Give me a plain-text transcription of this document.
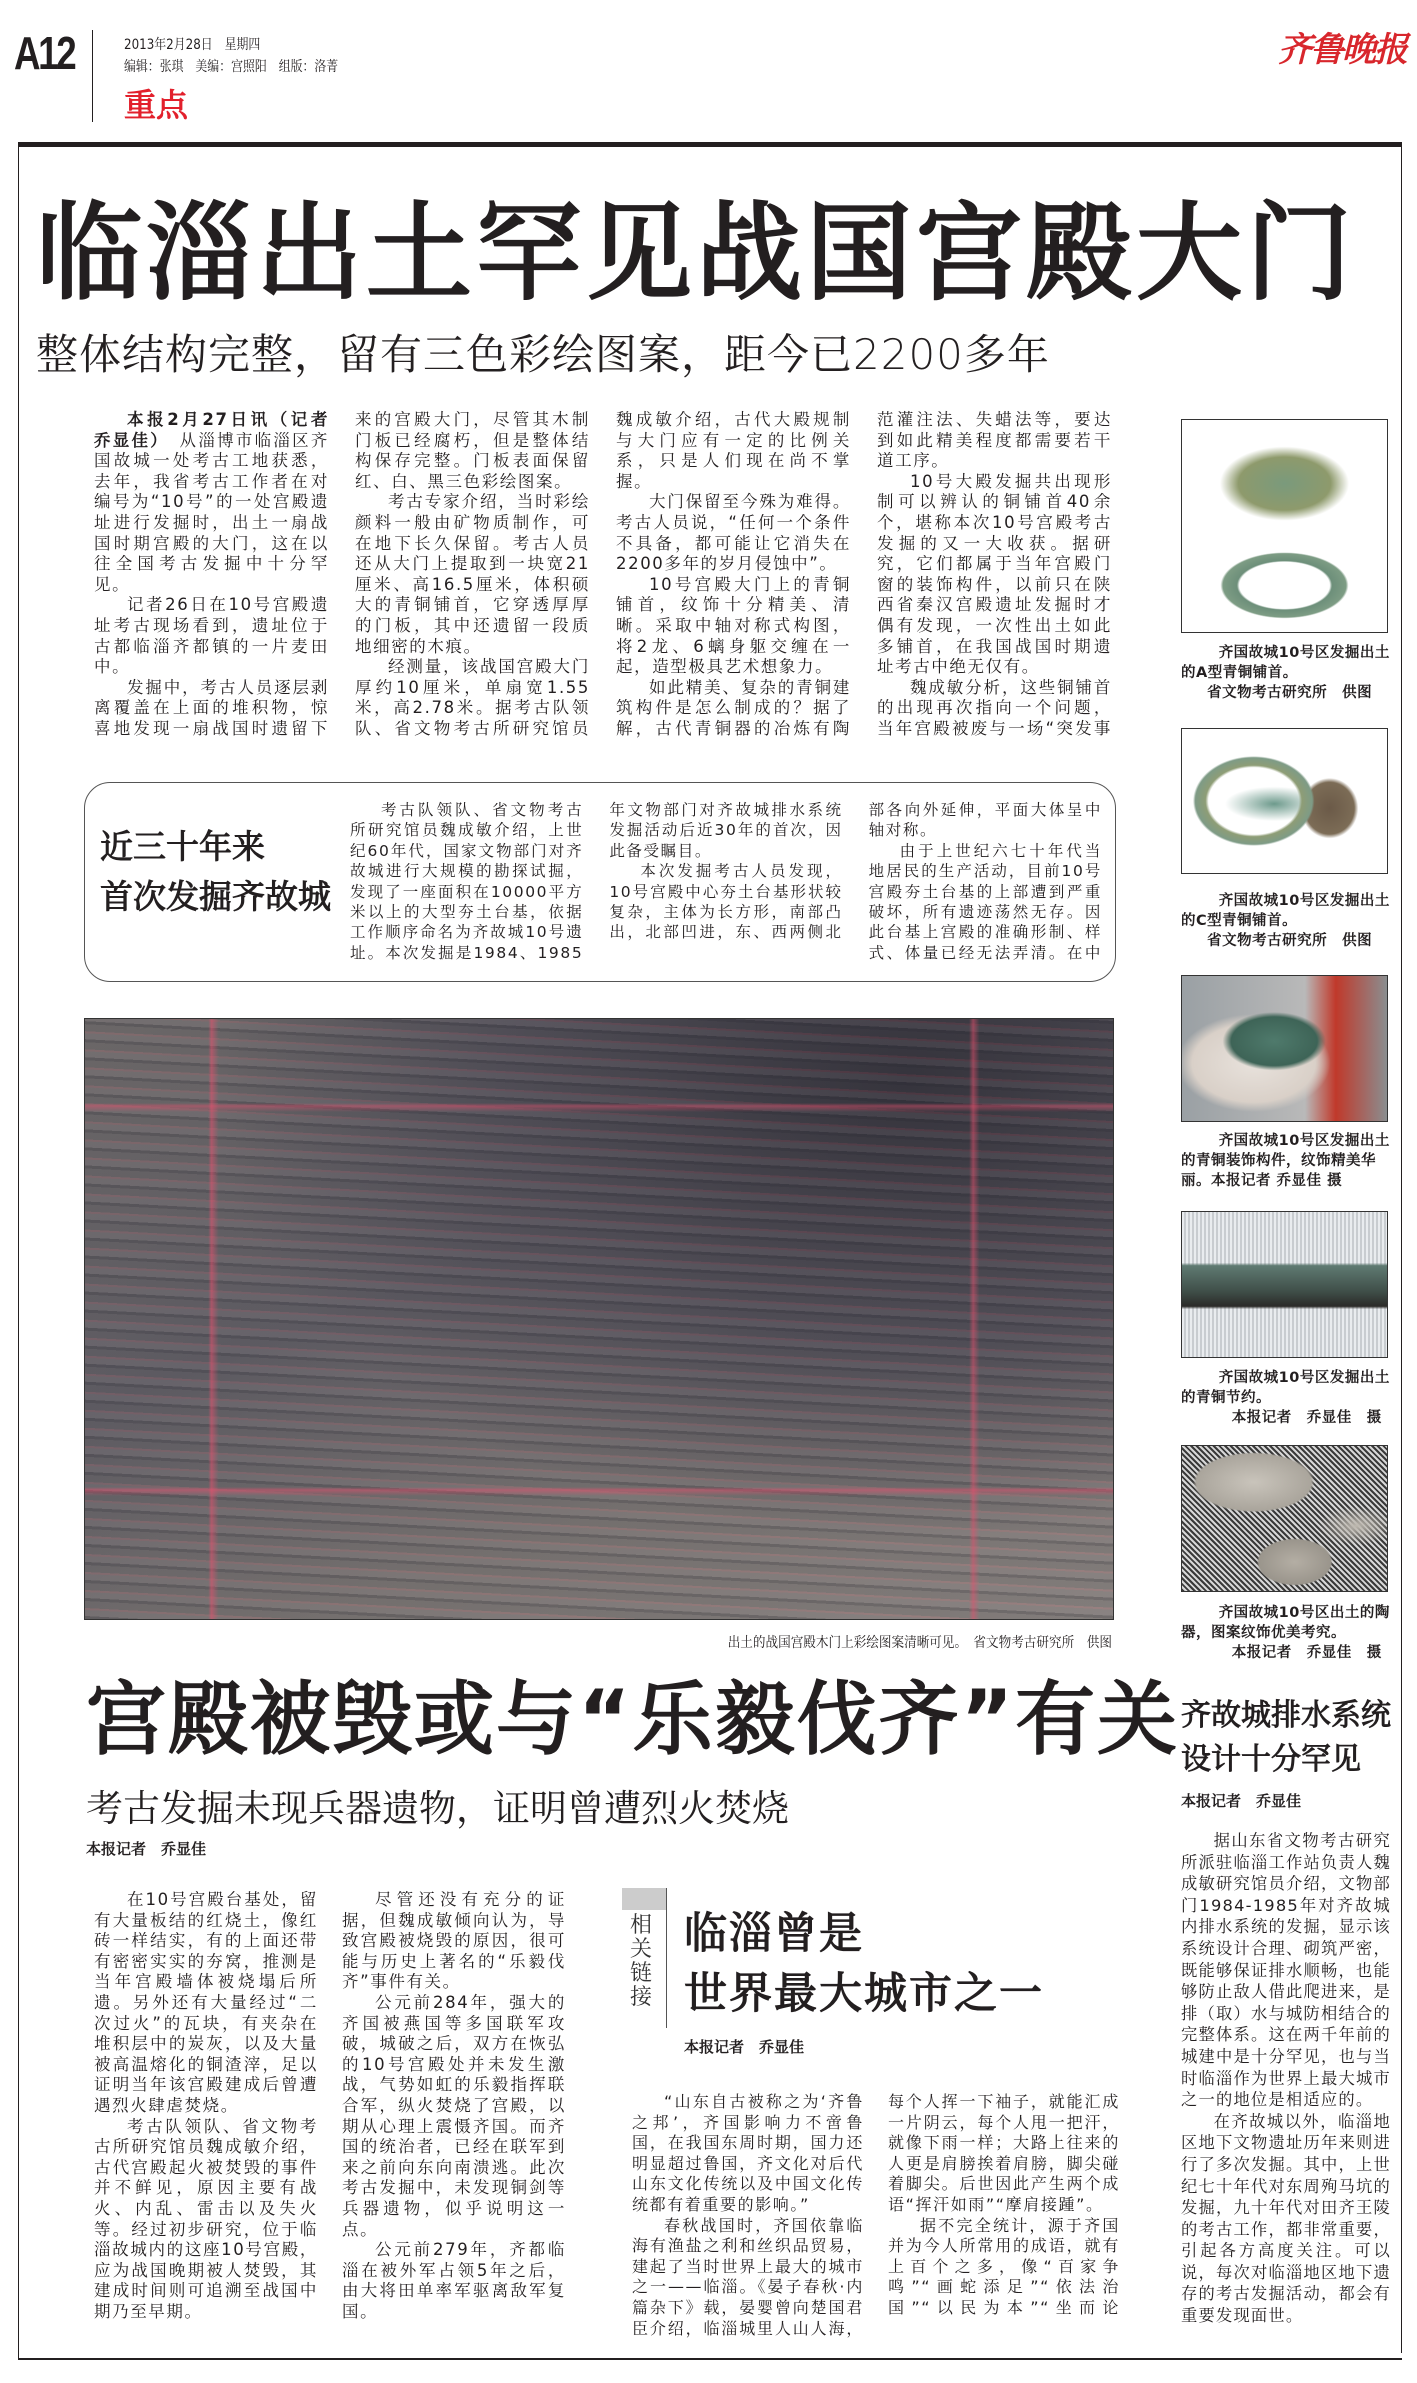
A12	2013年2月28日　星期四
编辑：张琪　美编：宫照阳　组版：洛菁
重点
齐鲁晚报
临淄出土罕见战国宫殿大门
整体结构完整，留有三色彩绘图案，距今已2200多年

本报2月27日讯（记者　乔显佳）　从淄博市临淄区齐国故城一处考古工地获悉，去年，我省考古工作者在对编号为“10号”的一处宫殿遗址进行发掘时，出土一扇战国时期宫殿的大门，这在以往全国考古发掘中十分罕见。

记者26日在10号宫殿遗址考古现场看到，遗址位于古都临淄齐都镇的一片麦田中。

发掘中，考古人员逐层剥离覆盖在上面的堆积物，惊喜地发现一扇战国时遗留下来的宫殿大门，尽管其木制门板已经腐朽，但是整体结构保存完整。门板表面保留红、白、黑三色彩绘图案。

考古专家介绍，当时彩绘颜料一般由矿物质制作，可在地下长久保留。考古人员还从大门上提取到一块宽21厘米、高16.5厘米，体积硕大的青铜铺首，它穿透厚厚的门板，其中还遗留一段质地细密的木痕。

经测量，该战国宫殿大门厚约10厘米，单扇宽1.55米，高2.78米。据考古队领队、省文物考古所研究馆员魏成敏介绍，古代大殿规制与大门应有一定的比例关系，只是人们现在尚不掌握。

大门保留至今殊为难得。考古人员说，“任何一个条件不具备，都可能让它消失在2200多年的岁月侵蚀中”。

10号宫殿大门上的青铜铺首，纹饰十分精美、清晰。采取中轴对称式构图，将2龙、6螭身躯交缠在一起，造型极具艺术想象力。

如此精美、复杂的青铜建筑构件是怎么制成的？据了解，古代青铜器的冶炼有陶范灌注法、失蜡法等，要达到如此精美程度都需要若干道工序。

10号大殿发掘共出现形制可以辨认的铜铺首40余个，堪称本次10号宫殿考古发掘的又一大收获。据研究，它们都属于当年宫殿门窗的装饰构件，以前只在陕西省秦汉宫殿遗址发掘时才偶有发现，一次性出土如此多铺首，在我国战国时期遗址考古中绝无仅有。

魏成敏分析，这些铜铺首的出现再次指向一个问题，当年宫殿被废与一场“突发事

近三十年来
首次发掘齐故城

考古队领队、省文物考古所研究馆员魏成敏介绍，上世纪60年代，国家文物部门对齐故城进行大规模的勘探试掘，发现了一座面积在10000平方米以上的大型夯土台基，依据工作顺序命名为齐故城10号遗址。本次发掘是1984、1985年文物部门对齐故城排水系统发掘活动后近30年的首次，因此备受瞩目。

本次发掘考古人员发现，10号宫殿中心夯土台基形状较复杂，主体为长方形，南部凸出，北部凹进，东、西两侧北部各向外延伸，平面大体呈中轴对称。

由于上世纪六七十年代当地居民的生产活动，目前10号宫殿夯土台基的上部遭到严重破坏，所有遗迹荡然无存。因此台基上宫殿的准确形制、样式、体量已经无法弄清。在中

出土的战国宫殿木门上彩绘图案清晰可见。　省文物考古研究所　供图
齐国故城10号区发掘出土的A型青铜铺首。
省文物考古研究所　供图
齐国故城10号区发掘出土的C型青铜铺首。
省文物考古研究所　供图
齐国故城10号区发掘出土的青铜装饰构件，纹饰精美华丽。本报记者 乔显佳 摄
齐国故城10号区发掘出土的青铜节约。
本报记者　乔显佳　摄
齐国故城10号区出土的陶器，图案纹饰优美考究。
本报记者　乔显佳　摄
宫殿被毁或与“乐毅伐齐”有关
考古发掘未现兵器遗物，证明曾遭烈火焚烧
本报记者　乔显佳

在10号宫殿台基处，留有大量板结的红烧土，像红砖一样结实，有的上面还带有密密实实的夯窝，推测是当年宫殿墙体被烧塌后所遗。另外还有大量经过“二次过火”的瓦块，有夹杂在堆积层中的炭灰，以及大量被高温熔化的铜渣滓，足以证明当年该宫殿建成后曾遭遇烈火肆虐焚烧。

考古队领队、省文物考古所研究馆员魏成敏介绍，古代宫殿起火被焚毁的事件并不鲜见，原因主要有战火、内乱、雷击以及失火等。经过初步研究，位于临淄故城内的这座10号宫殿，应为战国晚期被人焚毁，其建成时间则可追溯至战国中期乃至早期。

尽管还没有充分的证据，但魏成敏倾向认为，导致宫殿被烧毁的原因，很可能与历史上著名的“乐毅伐齐”事件有关。

公元前284年，强大的齐国被燕国等多国联军攻破，城破之后，双方在恢弘的10号宫殿处并未发生激战，气势如虹的乐毅指挥联合军，纵火焚烧了宫殿，以期从心理上震慑齐国。而齐国的统治者，已经在联军到来之前向东向南溃逃。此次考古发掘中，未发现铜剑等兵器遗物，似乎说明这一点。

公元前279年，齐都临淄在被外军占领5年之后，由大将田单率军驱离敌军复国。

相关链接
临淄曾是
世界最大城市之一
本报记者　乔显佳

“山东自古被称之为‘齐鲁之邦’，齐国影响力不啻鲁国，在我国东周时期，国力还明显超过鲁国，齐文化对后代山东文化传统以及中国文化传统都有着重要的影响。”

春秋战国时，齐国依靠临海有渔盐之利和丝织品贸易，建起了当时世界上最大的城市之一——临淄。《晏子春秋·内篇杂下》载，晏婴曾向楚国君臣介绍，临淄城里人山人海，每个人挥一下袖子，就能汇成一片阴云，每个人甩一把汗，就像下雨一样；大路上往来的人更是肩膀挨着肩膀，脚尖碰着脚尖。后世因此产生两个成语“挥汗如雨”“摩肩接踵”。

据不完全统计，源于齐国并为今人所常用的成语，就有上百个之多，像“百家争鸣”“画蛇添足”“依法治国”“以民为本”“坐而论

齐故城排水系统
设计十分罕见
本报记者　乔显佳

据山东省文物考古研究所派驻临淄工作站负责人魏成敏研究馆员介绍，文物部门1984-1985年对齐故城内排水系统的发掘，显示该系统设计合理、砌筑严密，既能够保证排水顺畅，也能够防止敌人借此爬进来，是排（取）水与城防相结合的完整体系。这在两千年前的城建中是十分罕见，也与当时临淄作为世界上最大城市之一的地位是相适应的。

在齐故城以外，临淄地区地下文物遗址历年来则进行了多次发掘。其中，上世纪七十年代对东周殉马坑的发掘，九十年代对田齐王陵的考古工作，都非常重要，引起各方高度关注。可以说，每次对临淄地区地下遗存的考古发掘活动，都会有重要发现面世。
